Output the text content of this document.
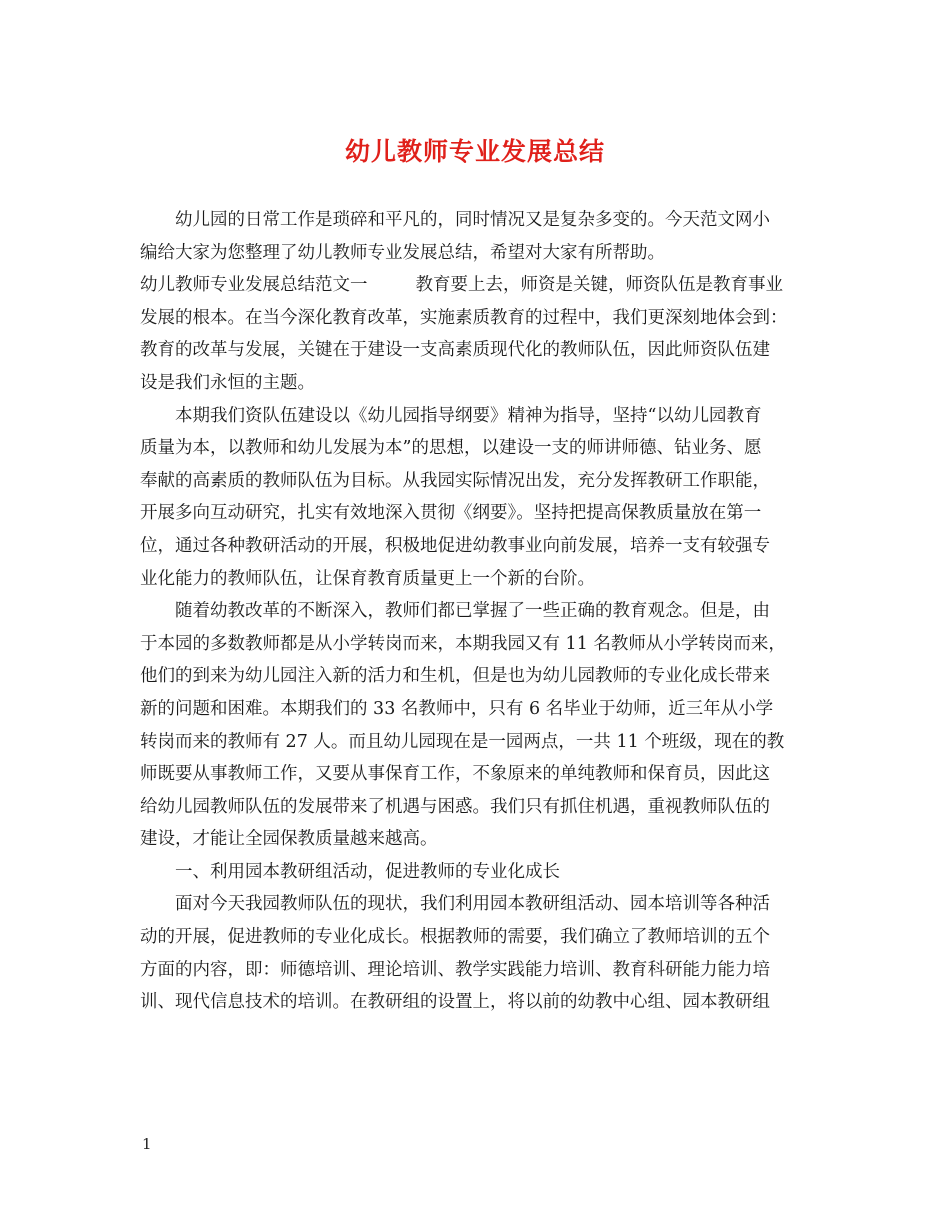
幼儿教师专业发展总结
幼儿园的日常工作是琐碎和平凡的，同时情况又是复杂多变的。今天范文网小
编给大家为您整理了幼儿教师专业发展总结，希望对大家有所帮助。
幼儿教师专业发展总结范文一	教育要上去，师资是关键，师资队伍是教育事业
发展的根本。在当今深化教育改革，实施素质教育的过程中，我们更深刻地体会到：
教育的改革与发展，关键在于建设一支高素质现代化的教师队伍，因此师资队伍建
设是我们永恒的主题。
本期我们资队伍建设以《幼儿园指导纲要》精神为指导，坚持“以幼儿园教育
质量为本，以教师和幼儿发展为本”的思想，以建设一支的师讲师德、钻业务、愿
奉献的高素质的教师队伍为目标。从我园实际情况出发，充分发挥教研工作职能，
开展多向互动研究，扎实有效地深入贯彻《纲要》。坚持把提高保教质量放在第一
位，通过各种教研活动的开展，积极地促进幼教事业向前发展，培养一支有较强专
业化能力的教师队伍，让保育教育质量更上一个新的台阶。
随着幼教改革的不断深入，教师们都已掌握了一些正确的教育观念。但是，由
于本园的多数教师都是从小学转岗而来，本期我园又有 11 名教师从小学转岗而来，
他们的到来为幼儿园注入新的活力和生机，但是也为幼儿园教师的专业化成长带来
新的问题和困难。本期我们的 33 名教师中，只有 6 名毕业于幼师，近三年从小学
转岗而来的教师有 27 人。而且幼儿园现在是一园两点，一共 11 个班级，现在的教
师既要从事教师工作，又要从事保育工作，不象原来的单纯教师和保育员，因此这
给幼儿园教师队伍的发展带来了机遇与困惑。我们只有抓住机遇，重视教师队伍的
建设，才能让全园保教质量越来越高。
一、利用园本教研组活动，促进教师的专业化成长
面对今天我园教师队伍的现状，我们利用园本教研组活动、园本培训等各种活
动的开展，促进教师的专业化成长。根据教师的需要，我们确立了教师培训的五个
方面的内容，即：师德培训、理论培训、教学实践能力培训、教育科研能力能力培
训、现代信息技术的培训。在教研组的设置上，将以前的幼教中心组、园本教研组
1
